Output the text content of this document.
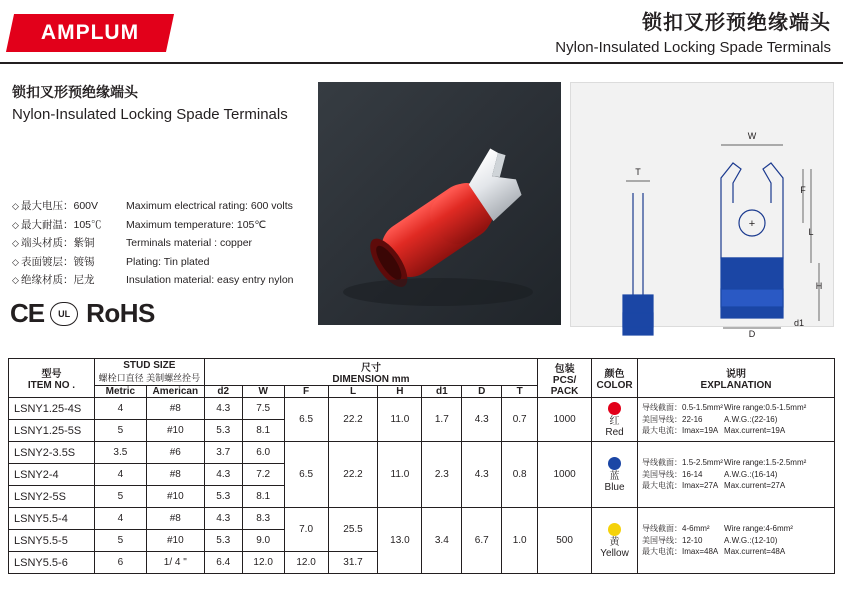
AMPLUM	锁扣叉形预绝缘端头
Nylon-Insulated Locking Spade Terminals
锁扣叉形预绝缘端头
Nylon-Insulated Locking Spade Terminals
◇ 最大电压：600V	Maximum electrical rating: 600 volts
◇ 最大耐温：105℃	Maximum temperature: 105℃
◇ 端头材质：紫铜	Terminals material : copper
◇ 表面镀层：镀锡	Plating: Tin plated
◇ 绝缘材质：尼龙	Insulation material: easy entry nylon
CE	UL RoHS
T
W
F
L
H
d1
D
+
型号
ITEM NO .

STUD SIZE
螺栓口直径 美制螺丝拴号

尺寸
DIMENSION mm

包装
PCS/ PACK

颜色
COLOR

说明
EXPLANATION

	Metric	American	d2	W	F	L	H	d1	D	T			
LSNY1.25-4S	4	#8	4.3	7.5	6.5	22.2	11.0	1.7	4.3	0.7	1000	红
Red

导线截面：0.5-1.5mm² Wire range:0.5-1.5mm²
美国导线：22-16	A.W.G.:(22-16)
最大电流：Imax=19A Max.current=19A

LSNY1.25-5S	5	#10	5.3	8.1									
LSNY2-3.5S	3.5	#6	3.7	6.0	6.5	22.2	11.0	2.3	4.3	0.8	1000	蓝
Blue

导线截面：1.5-2.5mm² Wire range:1.5-2.5mm²
美国导线：16-14	A.W.G.:(16-14)
最大电流：Imax=27A Max.current=27A

LSNY2-4	4	#8	4.3	7.2									
LSNY2-5S	5	#10	5.3	8.1									
LSNY5.5-4	4	#8	4.3	8.3	7.0	25.5	13.0	3.4	6.7	1.0	500	黄
Yellow

导线截面：4-6mm²	Wire range:4-6mm²
美国导线：12-10	A.W.G.:(12-10)
最大电流：Imax=48A Max.current=48A

LSNY5.5-5	5	#10	5.3	9.0									
LSNY5.5-6	6	1/ 4 "	6.4	12.0	12.0	31.7							
